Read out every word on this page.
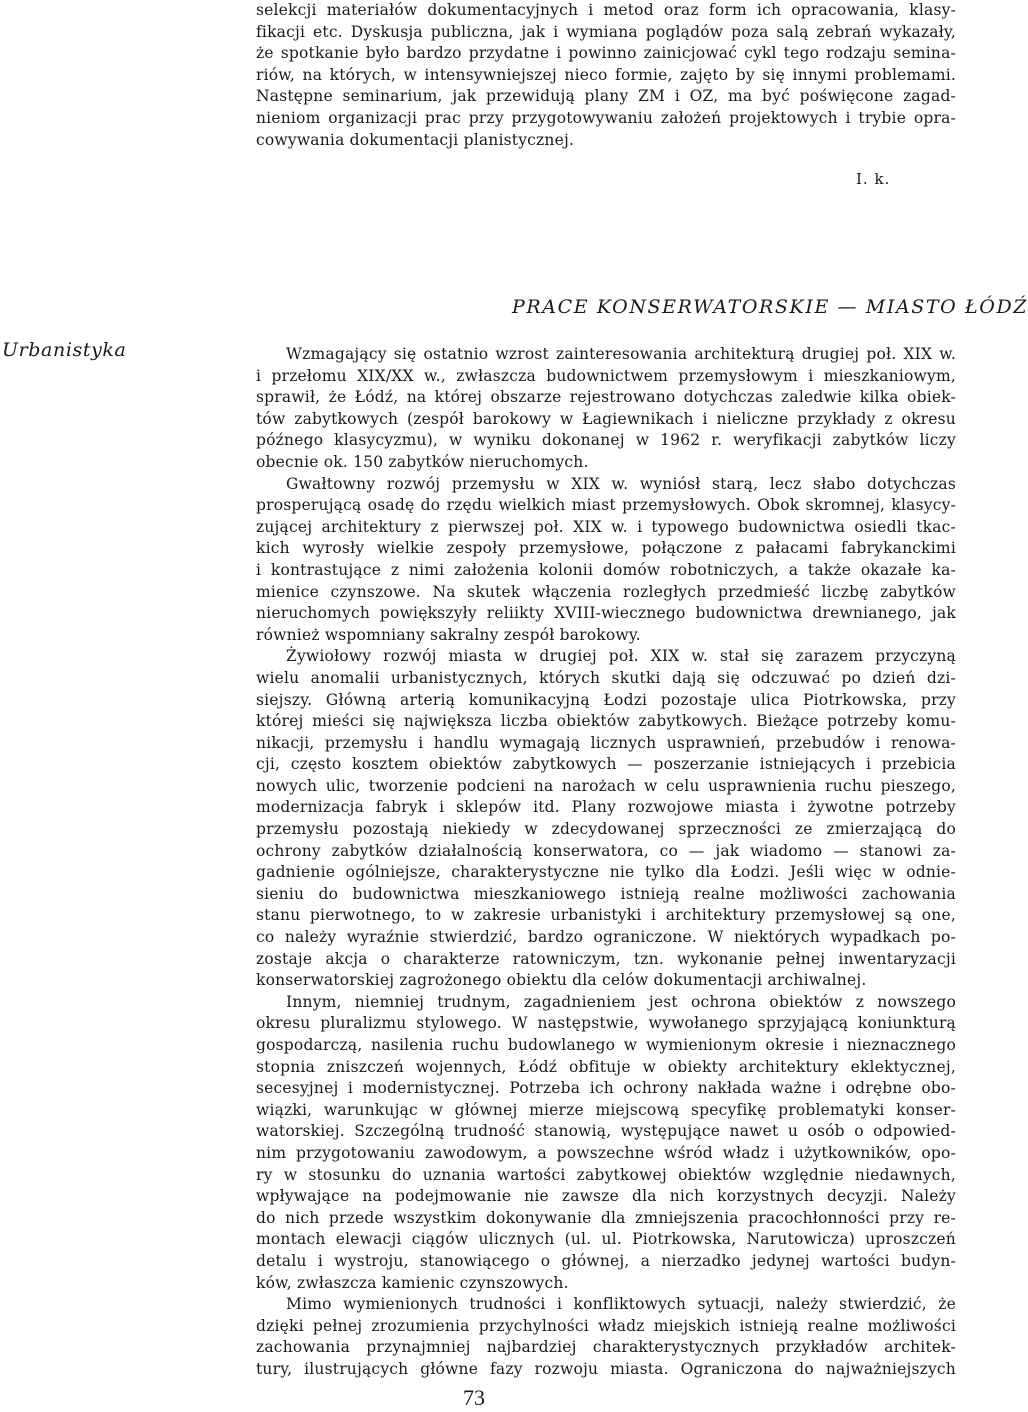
selekcji materiałów dokumentacyjnych i metod oraz form ich opracowania, klasy-
fikacji etc. Dyskusja publiczna, jak i wymiana poglądów poza salą zebrań wykazały,
że spotkanie było bardzo przydatne i powinno zainicjować cykl tego rodzaju semina-
riów, na których, w intensywniejszej nieco formie, zajęto by się innymi problemami.
Następne seminarium, jak przewidują plany ZM i OZ, ma być poświęcone zagad-
nieniom organizacji prac przy przygotowywaniu założeń projektowych i trybie opra-
cowywania dokumentacji planistycznej.
I. k.
PRACE KONSERWATORSKIE — MIASTO ŁÓDŹ
Urbanistyka	Wzmagający się ostatnio wzrost zainteresowania architekturą drugiej poł. XIX w.
i przełomu XIX/XX w., zwłaszcza budownictwem przemysłowym i mieszkaniowym,
sprawił, że Łódź, na której obszarze rejestrowano dotychczas zaledwie kilka obiek-
tów zabytkowych (zespół barokowy w Łagiewnikach i nieliczne przykłady z okresu
późnego klasycyzmu), w wyniku dokonanej w 1962 r. weryfikacji zabytków liczy
obecnie ok. 150 zabytków nieruchomych.
Gwałtowny rozwój przemysłu w XIX w. wyniósł starą, lecz słabo dotychczas
prosperującą osadę do rzędu wielkich miast przemysłowych. Obok skromnej, klasycy-
zującej architektury z pierwszej poł. XIX w. i typowego budownictwa osiedli tkac-
kich wyrosły wielkie zespoły przemysłowe, połączone z pałacami fabrykanckimi
i kontrastujące z nimi założenia kolonii domów robotniczych, a także okazałe ka-
mienice czynszowe. Na skutek włączenia rozległych przedmieść liczbę zabytków
nieruchomych powiększyły reliikty XVIII-wiecznego budownictwa drewnianego, jak
również wspomniany sakralny zespół barokowy.
Żywiołowy rozwój miasta w drugiej poł. XIX w. stał się zarazem przyczyną
wielu anomalii urbanistycznych, których skutki dają się odczuwać po dzień dzi-
siejszy. Główną arterią komunikacyjną Łodzi pozostaje ulica Piotrkowska, przy
której mieści się największa liczba obiektów zabytkowych. Bieżące potrzeby komu-
nikacji, przemysłu i handlu wymagają licznych usprawnień, przebudów i renowa-
cji, często kosztem obiektów zabytkowych — poszerzanie istniejących i przebicia
nowych ulic, tworzenie podcieni na narożach w celu usprawnienia ruchu pieszego,
modernizacja fabryk i sklepów itd. Plany rozwojowe miasta i żywotne potrzeby
przemysłu pozostają niekiedy w zdecydowanej sprzeczności ze zmierzającą do
ochrony zabytków działalnością konserwatora, co — jak wiadomo — stanowi za-
gadnienie ogólniejsze, charakterystyczne nie tylko dla Łodzi. Jeśli więc w odnie-
sieniu do budownictwa mieszkaniowego istnieją realne możliwości zachowania
stanu pierwotnego, to w zakresie urbanistyki i architektury przemysłowej są one,
co należy wyraźnie stwierdzić, bardzo ograniczone. W niektórych wypadkach po-
zostaje akcja o charakterze ratowniczym, tzn. wykonanie pełnej inwentaryzacji
konserwatorskiej zagrożonego obiektu dla celów dokumentacji archiwalnej.
Innym, niemniej trudnym, zagadnieniem jest ochrona obiektów z nowszego
okresu pluralizmu stylowego. W następstwie, wywołanego sprzyjającą koniunkturą
gospodarczą, nasilenia ruchu budowlanego w wymienionym okresie i nieznacznego
stopnia zniszczeń wojennych, Łódź obfituje w obiekty architektury eklektycznej,
secesyjnej i modernistycznej. Potrzeba ich ochrony nakłada ważne i odrębne obo-
wiązki, warunkując w głównej mierze miejscową specyfikę problematyki konser-
watorskiej. Szczególną trudność stanowią, występujące nawet u osób o odpowied-
nim przygotowaniu zawodowym, a powszechne wśród władz i użytkowników, opo-
ry w stosunku do uznania wartości zabytkowej obiektów względnie niedawnych,
wpływające na podejmowanie nie zawsze dla nich korzystnych decyzji. Należy
do nich przede wszystkim dokonywanie dla zmniejszenia pracochłonności przy re-
montach elewacji ciągów ulicznych (ul. ul. Piotrkowska, Narutowicza) uproszczeń
detalu i wystroju, stanowiącego o głównej, a nierzadko jedynej wartości budyn-
ków, zwłaszcza kamienic czynszowych.
Mimo wymienionych trudności i konfliktowych sytuacji, należy stwierdzić, że
dzięki pełnej zrozumienia przychylności władz miejskich istnieją realne możliwości
zachowania przynajmniej najbardziej charakterystycznych przykładów architek-
tury, ilustrujących główne fazy rozwoju miasta. Ograniczona do najważniejszych
73
